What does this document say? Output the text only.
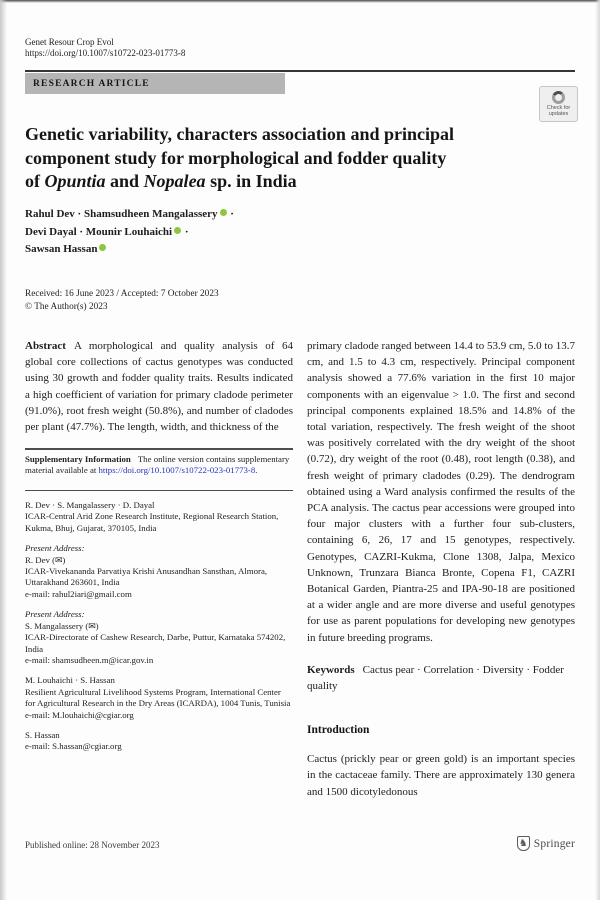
Genet Resour Crop Evol
https://doi.org/10.1007/s10722-023-01773-8
RESEARCH ARTICLE
Check for
updates
Genetic variability, characters association and principal
component study for morphological and fodder quality
of Opuntia and Nopalea sp. in India
Rahul Dev · Shamsudheen Mangalassery ·
Devi Dayal · Mounir Louhaichi ·
Sawsan Hassan
Received: 16 June 2023 / Accepted: 7 October 2023
© The Author(s) 2023

Abstract A morphological and quality analysis of 64 global core collections of cactus genotypes was conducted using 30 growth and fodder quality traits. Results indicated a high coefficient of variation for primary cladode perimeter (91.0%), root fresh weight (50.8%), and number of cladodes per plant (47.7%). The length, width, and thickness of the

Supplementary Information The online version contains supplementary material available at https://doi.org/10.1007/s10722-023-01773-8.

R. Dev · S. Mangalassery · D. Dayal
ICAR-Central Arid Zone Research Institute, Regional Research Station, Kukma, Bhuj, Gujarat, 370105, India
Present Address:
R. Dev (✉)
ICAR-Vivekananda Parvatiya Krishi Anusandhan Sansthan, Almora, Uttarakhand 263601, India
e-mail: rahul2iari@gmail.com
Present Address:
S. Mangalassery (✉)
ICAR-Directorate of Cashew Research, Darbe, Puttur, Karnataka 574202, India
e-mail: shamsudheen.m@icar.gov.in
M. Louhaichi · S. Hassan
Resilient Agricultural Livelihood Systems Program, International Center for Agricultural Research in the Dry Areas (ICARDA), 1004 Tunis, Tunisia
e-mail: M.louhaichi@cgiar.org
S. Hassan
e-mail: S.hassan@cgiar.org

primary cladode ranged between 14.4 to 53.9 cm, 5.0 to 13.7 cm, and 1.5 to 4.3 cm, respectively. Principal component analysis showed a 77.6% variation in the first 10 major components with an eigenvalue > 1.0. The first and second principal components explained 18.5% and 14.8% of the total variation, respectively. The fresh weight of the shoot was positively correlated with the dry weight of the shoot (0.72), dry weight of the root (0.48), root length (0.38), and fresh weight of primary cladodes (0.29). The dendrogram obtained using a Ward analysis confirmed the results of the PCA analysis. The cactus pear accessions were grouped into four major clusters with a further four sub-clusters, containing 6, 26, 17 and 15 genotypes, respectively. Genotypes, CAZRI-Kukma, Clone 1308, Jalpa, Mexico Unknown, Trunzara Bianca Bronte, Copena F1, CAZRI Botanical Garden, Piantra-25 and IPA-90-18 are positioned at a wider angle and are more diverse and useful genotypes for use as parent populations for developing new genotypes in future breeding programs.

Keywords Cactus pear · Correlation · Diversity · Fodder quality

Introduction

Cactus (prickly pear or green gold) is an important species in the cactaceae family. There are approximately 130 genera and 1500 dicotyledonous

Published online: 28 November 2023	♞ Springer
